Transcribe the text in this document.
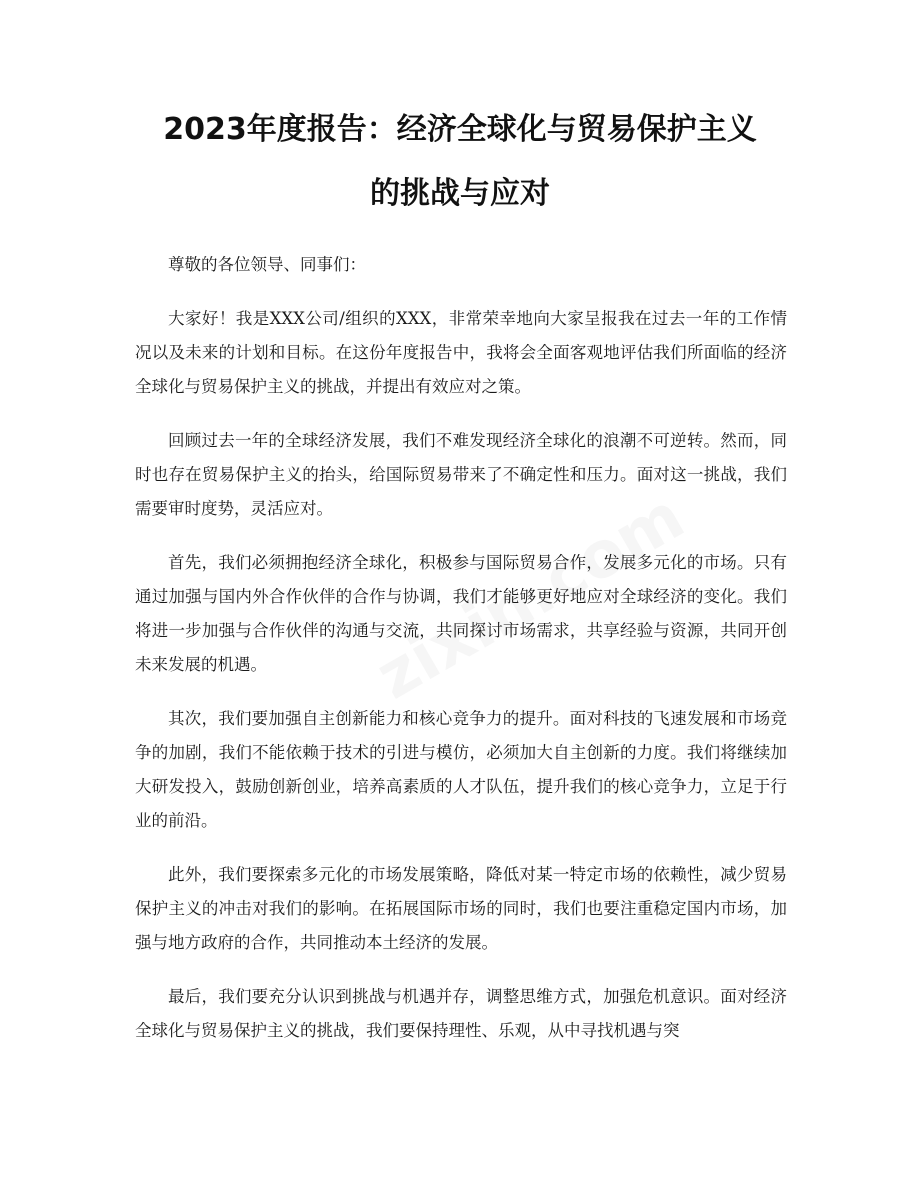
2023年度报告：经济全球化与贸易保护主义
的挑战与应对

尊敬的各位领导、同事们：

大家好！我是XXX公司/组织的XXX，非常荣幸地向大家呈报我在过去一年的工作情况以及未来的计划和目标。在这份年度报告中，我将会全面客观地评估我们所面临的经济全球化与贸易保护主义的挑战，并提出有效应对之策。

回顾过去一年的全球经济发展，我们不难发现经济全球化的浪潮不可逆转。然而，同时也存在贸易保护主义的抬头，给国际贸易带来了不确定性和压力。面对这一挑战，我们需要审时度势，灵活应对。

首先，我们必须拥抱经济全球化，积极参与国际贸易合作，发展多元化的市场。只有通过加强与国内外合作伙伴的合作与协调，我们才能够更好地应对全球经济的变化。我们将进一步加强与合作伙伴的沟通与交流，共同探讨市场需求，共享经验与资源，共同开创未来发展的机遇。

其次，我们要加强自主创新能力和核心竞争力的提升。面对科技的飞速发展和市场竞争的加剧，我们不能依赖于技术的引进与模仿，必须加大自主创新的力度。我们将继续加大研发投入，鼓励创新创业，培养高素质的人才队伍，提升我们的核心竞争力，立足于行业的前沿。

此外，我们要探索多元化的市场发展策略，降低对某一特定市场的依赖性，减少贸易保护主义的冲击对我们的影响。在拓展国际市场的同时，我们也要注重稳定国内市场，加强与地方政府的合作，共同推动本土经济的发展。

最后，我们要充分认识到挑战与机遇并存，调整思维方式，加强危机意识。面对经济全球化与贸易保护主义的挑战，我们要保持理性、乐观，从中寻找机遇与突
